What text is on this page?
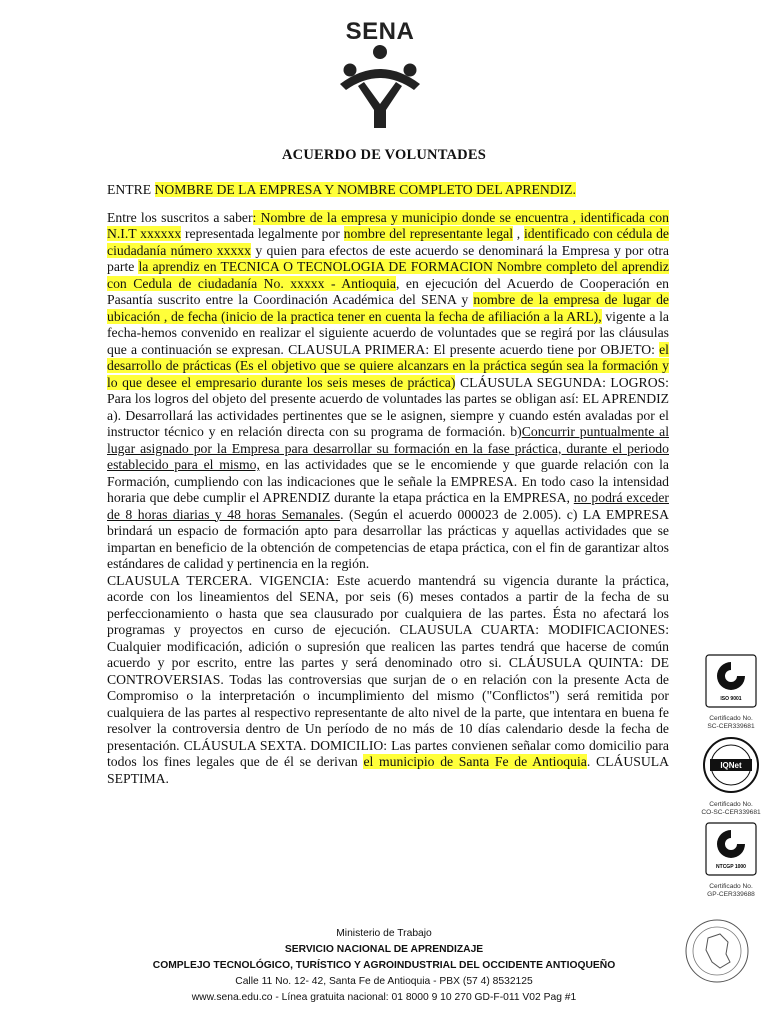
SENA
ACUERDO DE VOLUNTADES

ENTRE NOMBRE DE LA EMPRESA Y NOMBRE COMPLETO DEL APRENDIZ.

Entre los suscritos a saber: Nombre de la empresa y municipio donde se encuentra , identificada con N.I.T xxxxxx representada legalmente por nombre del representante legal , identificado con cédula de ciudadanía número xxxxx y quien para efectos de este acuerdo se denominará la Empresa y por otra parte la aprendiz en TECNICA O TECNOLOGIA DE FORMACION Nombre completo del aprendiz con Cedula de ciudadanía No. xxxxx - Antioquia, en ejecución del Acuerdo de Cooperación en Pasantía suscrito entre la Coordinación Académica del SENA y nombre de la empresa de lugar de ubicación , de fecha (inicio de la practica tener en cuenta la fecha de afiliación a la ARL), vigente a la fecha-hemos convenido en realizar el siguiente acuerdo de voluntades que se regirá por las cláusulas que a continuación se expresan. CLAUSULA PRIMERA: El presente acuerdo tiene por OBJETO: el desarrollo de prácticas (Es el objetivo que se quiere alcanzars en la práctica según sea la formación y lo que desee el empresario durante los seis meses de práctica) CLÁUSULA SEGUNDA: LOGROS: Para los logros del objeto del presente acuerdo de voluntades las partes se obligan así: EL APRENDIZ a). Desarrollará las actividades pertinentes que se le asignen, siempre y cuando estén avaladas por el instructor técnico y en relación directa con su programa de formación. b)Concurrir puntualmente al lugar asignado por la Empresa para desarrollar su formación en la fase práctica, durante el periodo establecido para el mismo, en las actividades que se le encomiende y que guarde relación con la Formación, cumpliendo con las indicaciones que le señale la EMPRESA. En todo caso la intensidad horaria que debe cumplir el APRENDIZ durante la etapa práctica en la EMPRESA, no podrá exceder de 8 horas diarias y 48 horas Semanales. (Según el acuerdo 000023 de 2.005). c) LA EMPRESA brindará un espacio de formación apto para desarrollar las prácticas y aquellas actividades que se impartan en beneficio de la obtención de competencias de etapa práctica, con el fin de garantizar altos estándares de calidad y pertinencia en la región.

CLAUSULA TERCERA. VIGENCIA: Este acuerdo mantendrá su vigencia durante la práctica, acorde con los lineamientos del SENA, por seis (6) meses contados a partir de la fecha de su perfeccionamiento o hasta que sea clausurado por cualquiera de las partes. Ésta no afectará los programas y proyectos en curso de ejecución. CLAUSULA CUARTA: MODIFICACIONES: Cualquier modificación, adición o supresión que realicen las partes tendrá que hacerse de común acuerdo y por escrito, entre las partes y será denominado otro si. CLÁUSULA QUINTA: DE CONTROVERSIAS. Todas las controversias que surjan de o en relación con la presente Acta de Compromiso o la interpretación o incumplimiento del mismo ("Conflictos") será remitida por cualquiera de las partes al respectivo representante de alto nivel de la parte, que intentara en buena fe resolver la controversia dentro de Un período de no más de 10 días calendario desde la fecha de presentación. CLÁUSULA SEXTA. DOMICILIO: Las partes convienen señalar como domicilio para todos los fines legales que de él se derivan el municipio de Santa Fe de Antioquia. CLÁUSULA SEPTIMA.

ISO 9001
Certificado No.
SC-CER339681
IQNet
Certificado No.
CO-SC-CER339681
NTCGP 1000
Certificado No.
GP-CER339688
Ministerio de Trabajo
SERVICIO NACIONAL DE APRENDIZAJE
COMPLEJO TECNOLÓGICO, TURÍSTICO Y AGROINDUSTRIAL DEL OCCIDENTE ANTIOQUEÑO
Calle 11 No. 12- 42, Santa Fe de Antioquia - PBX (57 4) 8532125
www.sena.edu.co - Línea gratuita nacional: 01 8000 9 10 270 GD-F-011 V02 Pag #1
